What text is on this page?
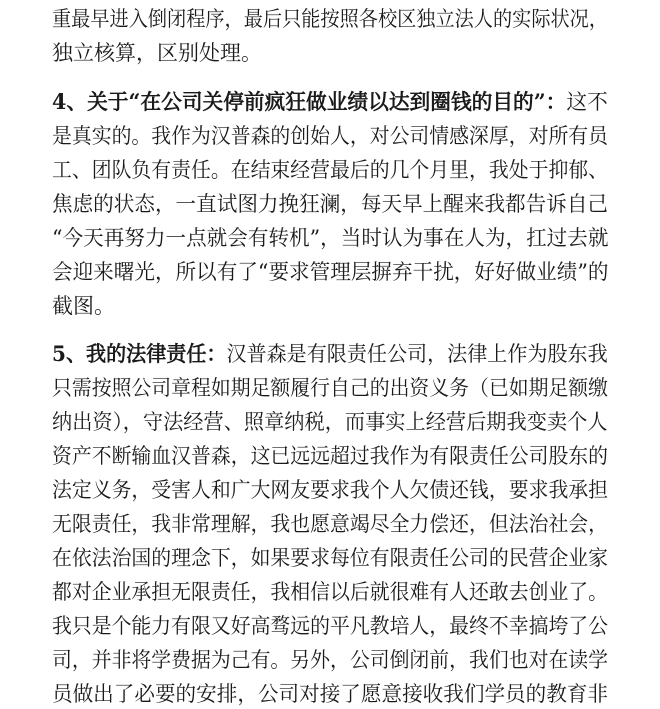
重最早进入倒闭程序，最后只能按照各校区独立法人的实际状况，
独立核算，区别处理。
4、关于“在公司关停前疯狂做业绩以达到圈钱的目的”：这不
是真实的。我作为汉普森的创始人，对公司情感深厚，对所有员
工、团队负有责任。在结束经营最后的几个月里，我处于抑郁、
焦虑的状态，一直试图力挽狂澜，每天早上醒来我都告诉自己
“今天再努力一点就会有转机”，当时认为事在人为，扛过去就
会迎来曙光，所以有了“要求管理层摒弃干扰，好好做业绩”的
截图。
5、我的法律责任：汉普森是有限责任公司，法律上作为股东我
只需按照公司章程如期足额履行自己的出资义务（已如期足额缴
纳出资），守法经营、照章纳税，而事实上经营后期我变卖个人
资产不断输血汉普森，这已远远超过我作为有限责任公司股东的
法定义务，受害人和广大网友要求我个人欠债还钱，要求我承担
无限责任，我非常理解，我也愿意竭尽全力偿还，但法治社会，
在依法治国的理念下，如果要求每位有限责任公司的民营企业家
都对企业承担无限责任，我相信以后就很难有人还敢去创业了。
我只是个能力有限又好高骛远的平凡教培人，最终不幸搞垮了公
司，并非将学费据为己有。另外，公司倒闭前，我们也对在读学
员做出了必要的安排，公司对接了愿意接收我们学员的教育非
